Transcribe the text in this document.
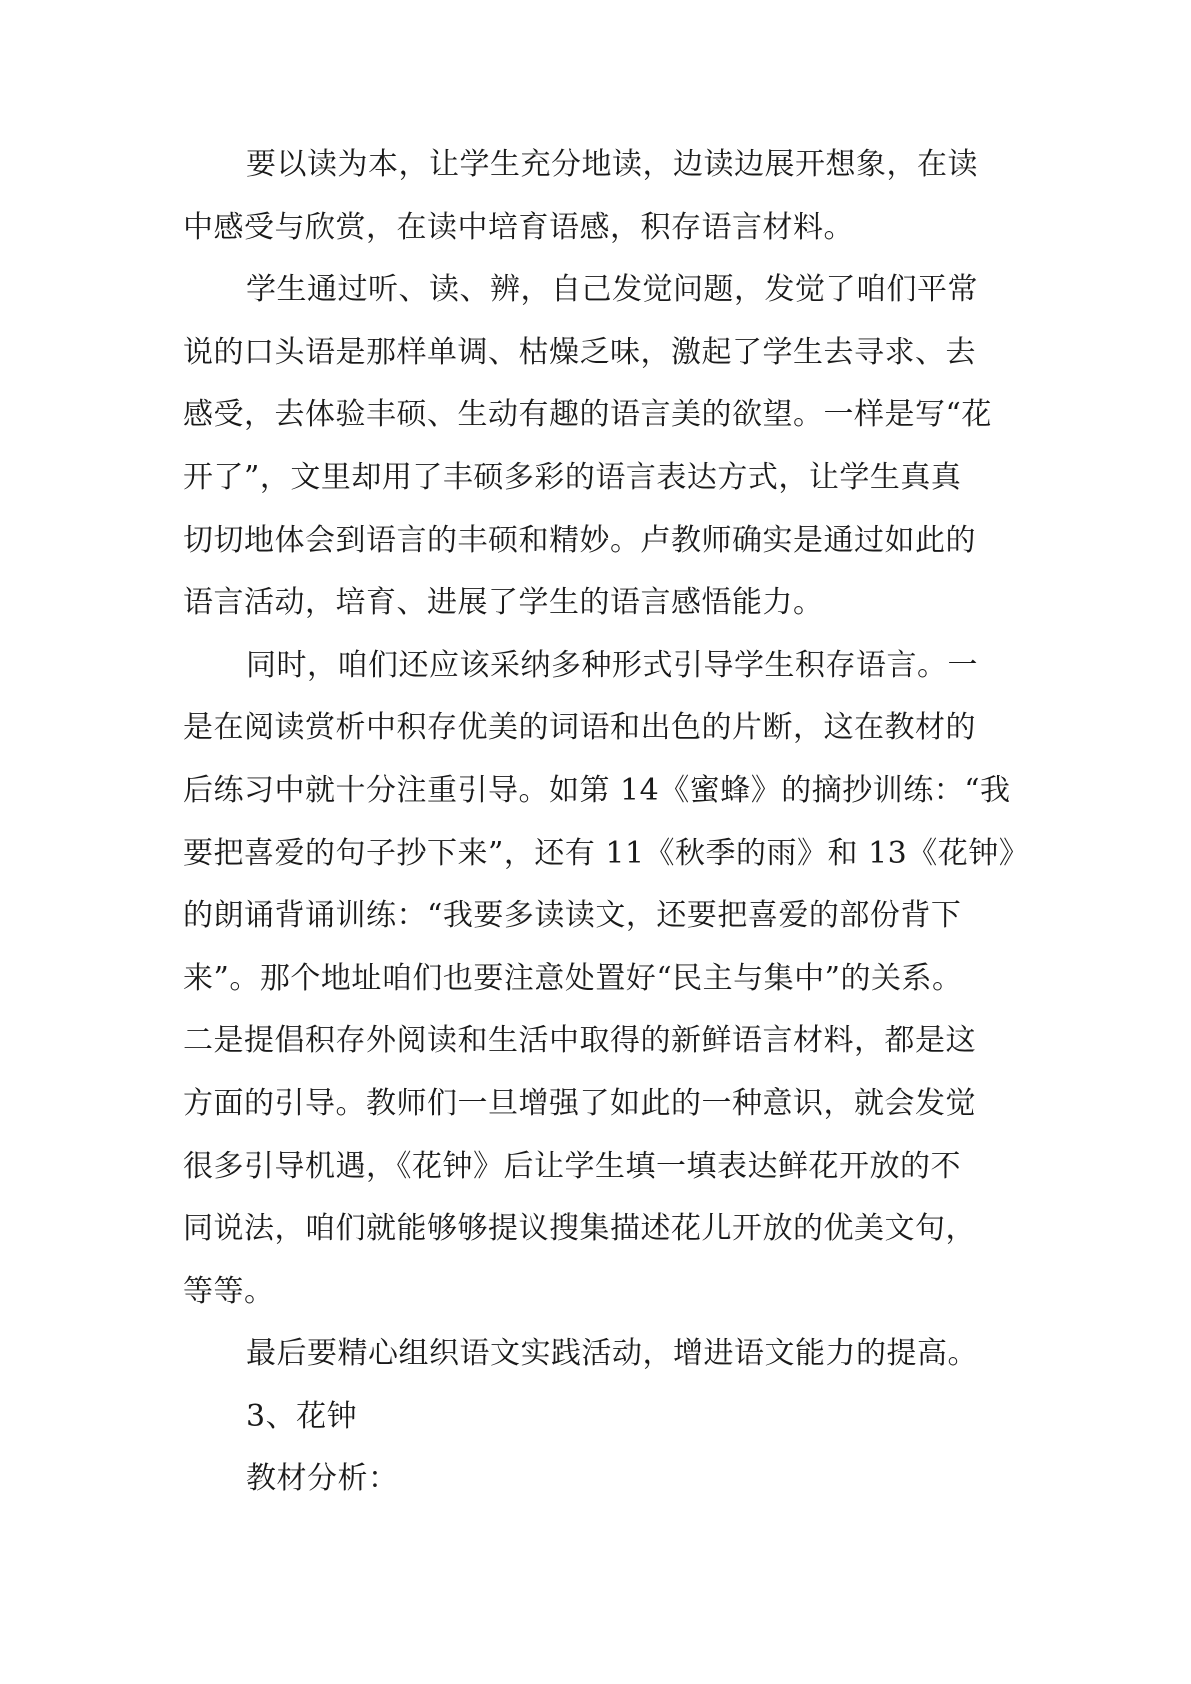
要以读为本，让学生充分地读，边读边展开想象，在读
中感受与欣赏，在读中培育语感，积存语言材料。
学生通过听、读、辨，自己发觉问题，发觉了咱们平常
说的口头语是那样单调、枯燥乏味，激起了学生去寻求、去
感受，去体验丰硕、生动有趣的语言美的欲望。一样是写“花
开了”，文里却用了丰硕多彩的语言表达方式，让学生真真
切切地体会到语言的丰硕和精妙。卢教师确实是通过如此的
语言活动，培育、进展了学生的语言感悟能力。
同时，咱们还应该采纳多种形式引导学生积存语言。一
是在阅读赏析中积存优美的词语和出色的片断，这在教材的
后练习中就十分注重引导。如第 14《蜜蜂》的摘抄训练：“我
要把喜爱的句子抄下来”，还有 11《秋季的雨》和 13《花钟》
的朗诵背诵训练：“我要多读读文，还要把喜爱的部份背下
来”。那个地址咱们也要注意处置好“民主与集中”的关系。
二是提倡积存外阅读和生活中取得的新鲜语言材料，都是这
方面的引导。教师们一旦增强了如此的一种意识，就会发觉
很多引导机遇，《花钟》后让学生填一填表达鲜花开放的不
同说法，咱们就能够够提议搜集描述花儿开放的优美文句，
等等。
最后要精心组织语文实践活动，增进语文能力的提高。
3、花钟
教材分析：
